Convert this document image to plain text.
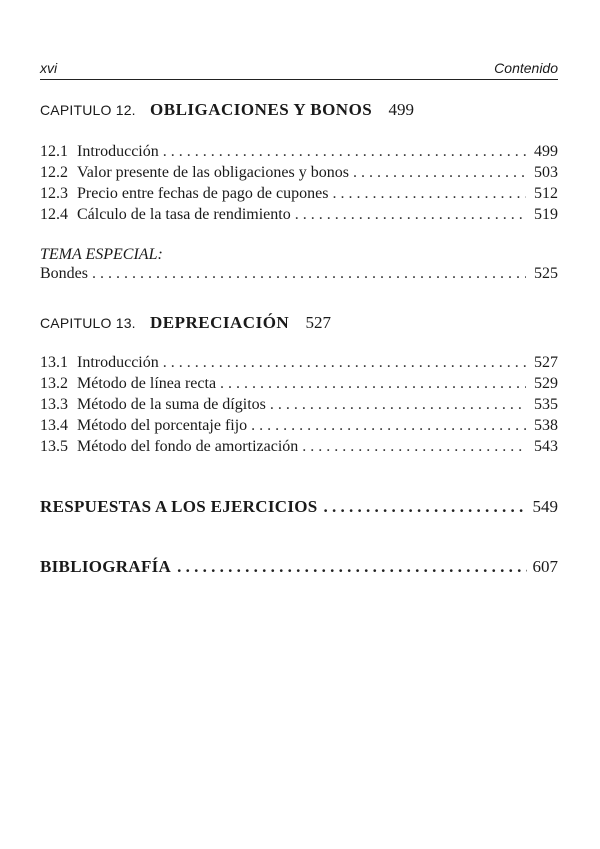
xvi	Contenido
CAPITULO 12. OBLIGACIONES Y BONOS 499
12.1 Introducción . . .	499
12.2 Valor presente de las obligaciones y bonos . . .	503
12.3 Precio entre fechas de pago de cupones . . .	512
12.4 Cálculo de la tasa de rendimiento . . .	519
TEMA ESPECIAL:
Bondes . . .	525
CAPITULO 13. DEPRECIACIÓN 527
13.1 Introducción . . .	527
13.2 Método de línea recta . . .	529
13.3 Método de la suma de dígitos . . .	535
13.4 Método del porcentaje fijo . . .	538
13.5 Método del fondo de amortización . . .	543
RESPUESTAS A LOS EJERCICIOS . . .	549
BIBLIOGRAFÍA . . .	607
